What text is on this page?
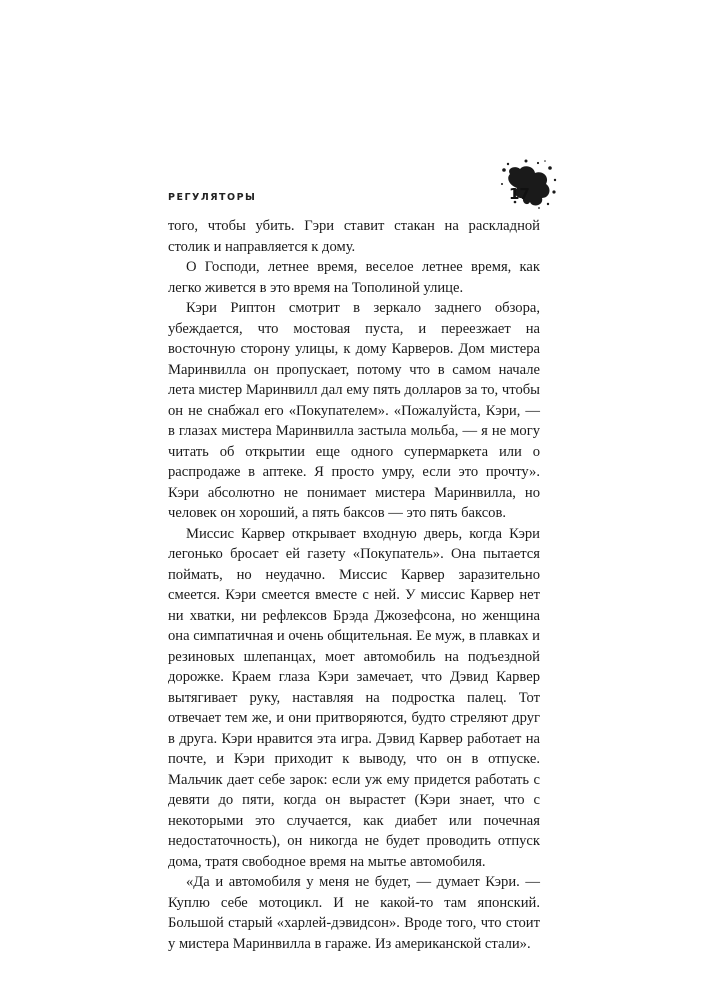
РЕГУЛЯТОРЫ	17

того, чтобы убить. Гэри ставит стакан на раскладной столик и направляется к дому.

О Господи, летнее время, веселое летнее время, как легко живется в это время на Тополиной улице.

Кэри Риптон смотрит в зеркало заднего обзора, убеждается, что мостовая пуста, и переезжает на восточную сторону улицы, к дому Карверов. Дом мистера Маринвилла он пропускает, потому что в самом начале лета мистер Маринвилл дал ему пять долларов за то, чтобы он не снабжал его «Покупателем». «Пожалуйста, Кэри, — в глазах мистера Маринвилла застыла мольба, — я не могу читать об открытии еще одного супермаркета или о распродаже в аптеке. Я просто умру, если это прочту». Кэри абсолютно не понимает мистера Маринвилла, но человек он хороший, а пять баксов — это пять баксов.

Миссис Карвер открывает входную дверь, когда Кэри легонько бросает ей газету «Покупатель». Она пытается поймать, но неудачно. Миссис Карвер заразительно смеется. Кэри смеется вместе с ней. У миссис Карвер нет ни хватки, ни рефлексов Брэда Джозефсона, но женщина она симпатичная и очень общительная. Ее муж, в плавках и резиновых шлепанцах, моет автомобиль на подъездной дорожке. Краем глаза Кэри замечает, что Дэвид Карвер вытягивает руку, наставляя на подростка палец. Тот отвечает тем же, и они притворяются, будто стреляют друг в друга. Кэри нравится эта игра. Дэвид Карвер работает на почте, и Кэри приходит к выводу, что он в отпуске. Мальчик дает себе зарок: если уж ему придется работать с девяти до пяти, когда он вырастет (Кэри знает, что с некоторыми это случается, как диабет или почечная недостаточность), он никогда не будет проводить отпуск дома, тратя свободное время на мытье автомобиля.

«Да и автомобиля у меня не будет, — думает Кэри. — Куплю себе мотоцикл. И не какой-то там японский. Большой старый «харлей-дэвидсон». Вроде того, что стоит у мистера Маринвилла в гараже. Из американской стали».
